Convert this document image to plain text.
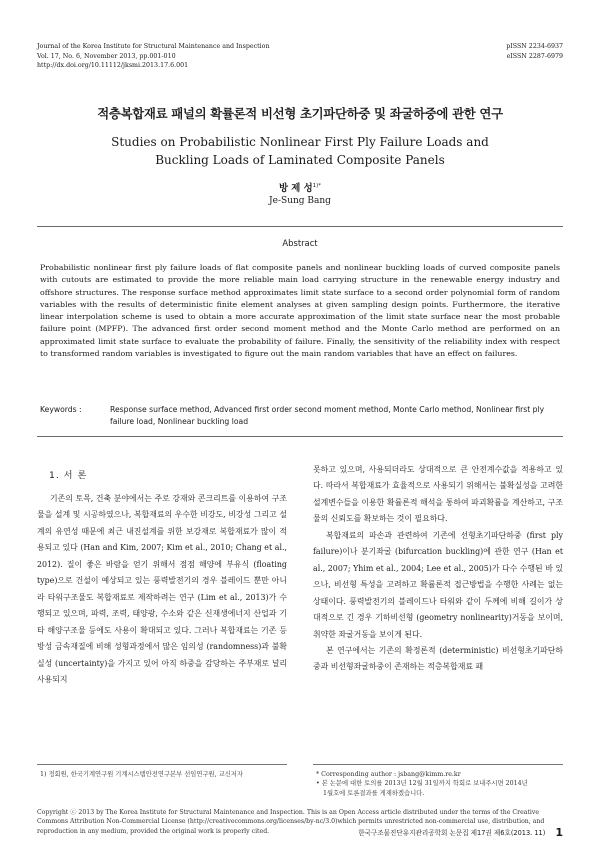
Journal of the Korea Institute for Structural Maintenance and Inspection
Vol. 17, No. 6, November 2013, pp.001-010
http://dx.doi.org/10.11112/jksmi.2013.17.6.001
pISSN 2234-6937
eISSN 2287-6979
적층복합재료 패널의 확률론적 비선형 초기파단하중 및 좌굴하중에 관한 연구
Studies on Probabilistic Nonlinear First Ply Failure Loads and
Buckling Loads of Laminated Composite Panels
방 제 성$^{1)*}$
Je-Sung Bang
Abstract
Probabilistic nonlinear first ply failure loads of flat composite panels and nonlinear buckling loads of curved composite panels with cutouts are estimated to provide the more reliable main load carrying structure in the renewable energy industry and offshore structures. The response surface method approximates limit state surface to a second order polynomial form of random variables with the results of deterministic finite element analyses at given sampling design points. Furthermore, the iterative linear interpolation scheme is used to obtain a more accurate approximation of the limit state surface near the most probable failure point (MPFP). The advanced first order second moment method and the Monte Carlo method are performed on an approximated limit state surface to evaluate the probability of failure. Finally, the sensitivity of the reliability index with respect to transformed random variables is investigated to figure out the main random variables that have an effect on failures.
Keywords :	Response surface method, Advanced first order second moment method, Monte Carlo method, Nonlinear first ply failure load, Nonlinear buckling load
1. 서 론

기존의 토목, 건축 분야에서는 주로 강재와 콘크리트를 이용하여 구조물을 설계 및 시공하였으나, 복합재료의 우수한 비강도, 비강성 그리고 설계의 유연성 때문에 최근 내진설계를 위한 보강재로 복합재료가 많이 적용되고 있다 (Han and Kim, 2007; Kim et al., 2010; Chang et al., 2012). 질이 좋은 바람을 얻기 위해서 점점 해양에 부유식 (floating type)으로 건설이 예상되고 있는 풍력발전기의 경우 블레이드 뿐만 아니라 타워구조물도 복합재료로 제작하려는 연구 (Lim et al., 2013)가 수행되고 있으며, 파력, 조력, 태양광, 수소와 같은 신재생에너지 산업과 기타 해양구조물 등에도 사용이 확대되고 있다. 그러나 복합재료는 기존 등방성 금속재질에 비해 성형과정에서 많은 임의성 (randomness)과 불확실성 (uncertainty)을 가지고 있어 아직 하중을 감당하는 주부재로 널리 사용되지

못하고 있으며, 사용되더라도 상대적으로 큰 안전계수값을 적용하고 있다. 따라서 복합재료가 효율적으로 사용되기 위해서는 불확실성을 고려한 설계변수들을 이용한 확률론적 해석을 통하여 파괴확률을 계산하고, 구조물의 신뢰도를 확보하는 것이 필요하다.

복합재료의 파손과 관련하여 기존에 선형초기파단하중 (first ply failure)이나 분기좌굴 (bifurcation buckling)에 관한 연구 (Han et al., 2007; Yhim et al., 2004; Lee et al., 2005)가 다수 수행된 바 있으나, 비선형 특성을 고려하고 확률론적 접근방법을 수행한 사례는 없는 상태이다. 풍력발전기의 블레이드나 타워와 같이 두께에 비해 길이가 상대적으로 긴 경우 기하비선형 (geometry nonlinearity)거동을 보이며, 취약한 좌굴거동을 보이게 된다.

본 연구에서는 기존의 확정론적 (deterministic) 비선형초기파단하중과 비선형좌굴하중이 존재하는 적층복합재료 패

1) 정회원, 한국기계연구원 기계시스템안전연구본부 선임연구원, 교신저자	* Corresponding author : jsbang@kimm.re.kr
• 본 논문에 대한 토의를 2013년 12월 31일까지 학회로 보내주시면 2014년
1월호에 토론결과를 게재하겠습니다.
Copyright ⓒ 2013 by The Korea Institute for Structural Maintenance and Inspection. This is an Open Access article distributed under the terms of the Creative Commons Attribution Non-Commercial License (http://creativecommons.org/licenses/by-nc/3.0)which permits unrestricted non-commercial use, distribution, and reproduction in any medium, provided the original work is properly cited.	한국구조물진단유지관리공학회 논문집 제17권 제6호(2013. 11) 1
